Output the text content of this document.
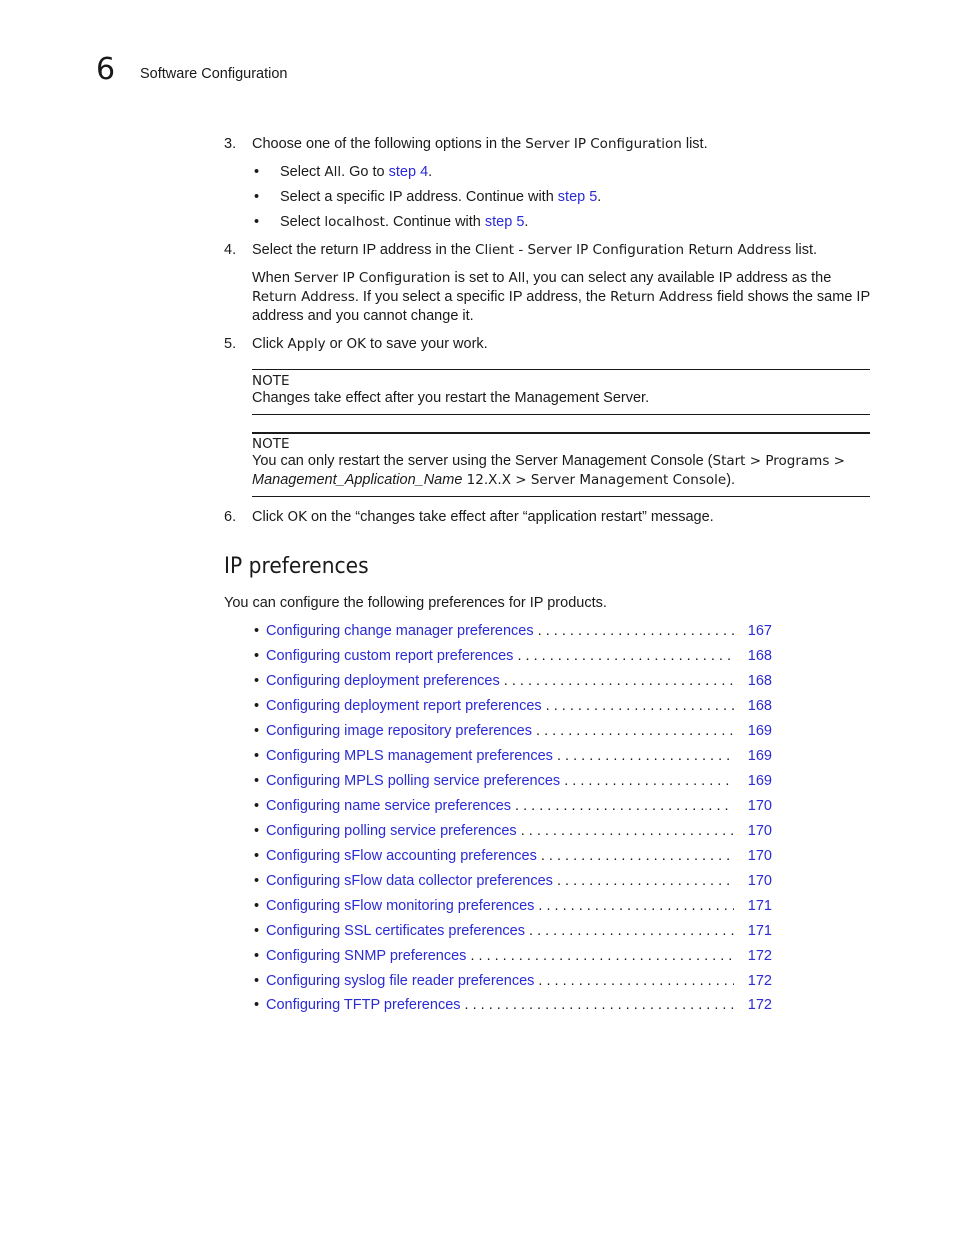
6 Software Configuration
3. Choose one of the following options in the Server IP Configuration list.
• Select All. Go to step 4.
• Select a specific IP address. Continue with step 5.
• Select localhost. Continue with step 5.
4. Select the return IP address in the Client - Server IP Configuration Return Address list.
When Server IP Configuration is set to All, you can select any available IP address as the
Return Address. If you select a specific IP address, the Return Address field shows the same IP
address and you cannot change it.
5. Click Apply or OK to save your work.
NOTE
Changes take effect after you restart the Management Server.
NOTE
You can only restart the server using the Server Management Console (Start > Programs >
Management_Application_Name 12.X.X > Server Management Console).
6. Click OK on the “changes take effect after “application restart” message.
IP preferences
You can configure the following preferences for IP products.
• Configuring change manager preferences . . .	167
• Configuring custom report preferences . . .	168
• Configuring deployment preferences . . .	168
• Configuring deployment report preferences . . .	168
• Configuring image repository preferences . . .	169
• Configuring MPLS management preferences . . .	169
• Configuring MPLS polling service preferences . . .	169
• Configuring name service preferences . . .	170
• Configuring polling service preferences . . .	170
• Configuring sFlow accounting preferences . . .	170
• Configuring sFlow data collector preferences . . .	170
• Configuring sFlow monitoring preferences . . .	171
• Configuring SSL certificates preferences . . .	171
• Configuring SNMP preferences . . .	172
• Configuring syslog file reader preferences . . .	172
• Configuring TFTP preferences . . .	172
